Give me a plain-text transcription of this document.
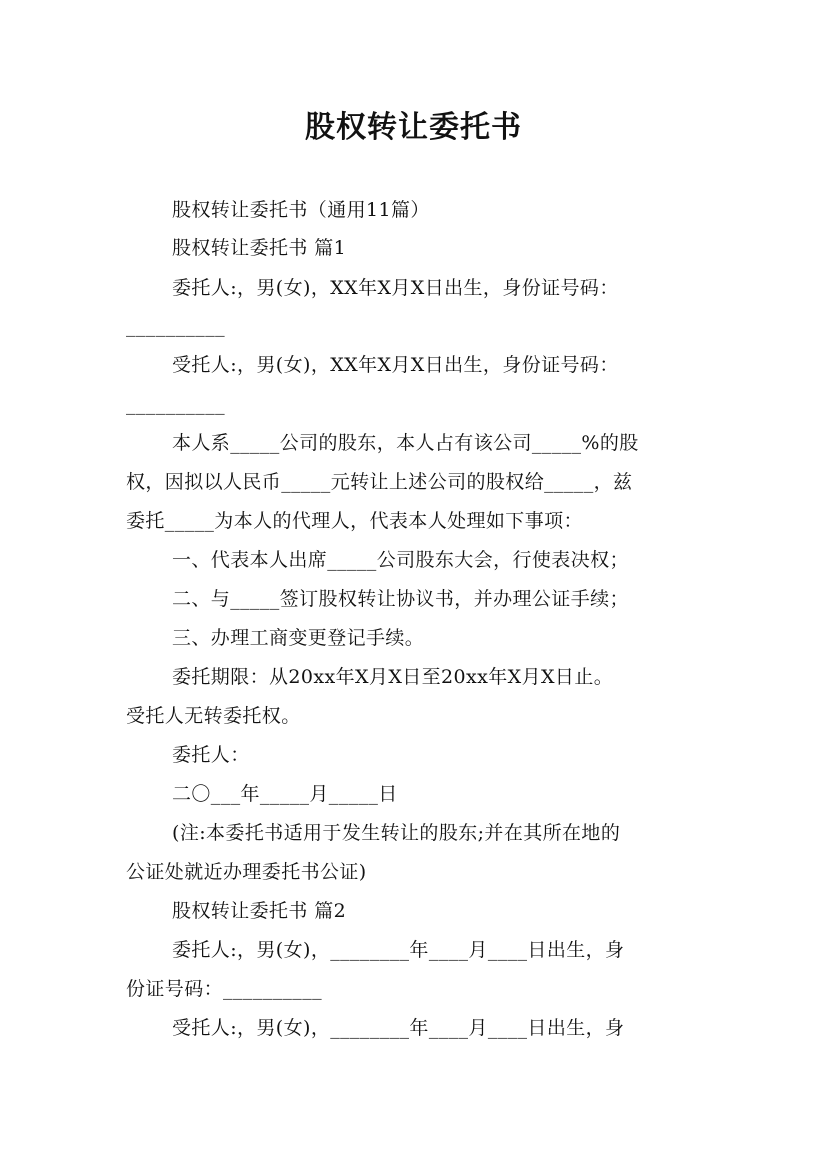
股权转让委托书
股权转让委托书（通用11篇）
股权转让委托书 篇1
委托人:，男(女)，XX年X月X日出生，身份证号码：
__________
受托人:，男(女)，XX年X月X日出生，身份证号码：
__________
本人系_____公司的股东，本人占有该公司_____%的股
权，因拟以人民币_____元转让上述公司的股权给_____，兹
委托_____为本人的代理人，代表本人处理如下事项：
一、代表本人出席_____公司股东大会，行使表决权；
二、与_____签订股权转让协议书，并办理公证手续；
三、办理工商变更登记手续。
委托期限：从20xx年X月X日至20xx年X月X日止。
受托人无转委托权。
委托人：
二〇___年_____月_____日
(注:本委托书适用于发生转让的股东;并在其所在地的
公证处就近办理委托书公证)
股权转让委托书 篇2
委托人:，男(女)，________年____月____日出生，身
份证号码：__________
受托人:，男(女)，________年____月____日出生，身
